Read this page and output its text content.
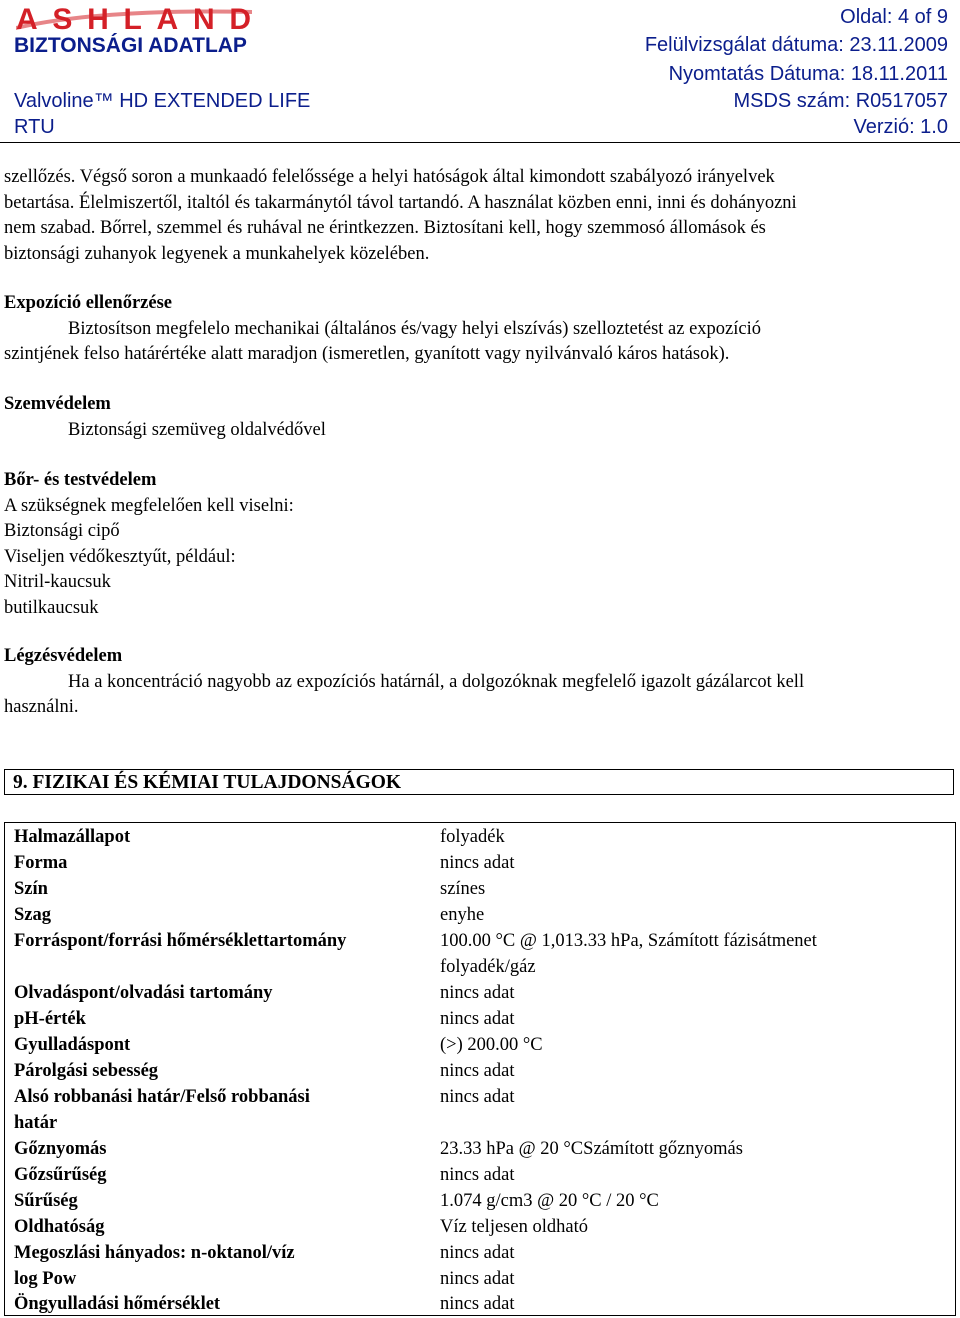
ASHLAND
BIZTONSÁGI ADATLAP
Valvoline™ HD EXTENDED LIFE
RTU
Oldal: 4 of 9
Felülvizsgálat dátuma: 23.11.2009
Nyomtatás Dátuma: 18.11.2011
MSDS szám: R0517057
Verzió: 1.0

szellőzés. Végső soron a munkaadó felelőssége a helyi hatóságok által kimondott szabályozó irányelvek

betartása. Élelmiszertől, italtól és takarmánytól távol tartandó. A használat közben enni, inni és dohányozni

nem szabad. Bőrrel, szemmel és ruhával ne érintkezzen. Biztosítani kell, hogy szemmosó állomások és

biztonsági zuhanyok legyenek a munkahelyek közelében.

Expozíció ellenőrzése

Biztosítson megfelelo mechanikai (általános és/vagy helyi elszívás) szelloztetést az expozíció

szintjének felso határértéke alatt maradjon (ismeretlen, gyanított vagy nyilvánvaló káros hatások).

Szemvédelem

Biztonsági szemüveg oldalvédővel

Bőr- és testvédelem

A szükségnek megfelelően kell viselni:

Biztonsági cipő

Viseljen védőkesztyűt, például:

Nitril-kaucsuk

butilkaucsuk

Légzésvédelem

Ha a koncentráció nagyobb az expozíciós határnál, a dolgozóknak megfelelő igazolt gázálarcot kell

használni.

9. FIZIKAI ÉS KÉMIAI TULAJDONSÁGOK
Halmazállapot	folyadék
Forma	nincs adat
Szín	színes
Szag	enyhe
Forráspont/forrási hőmérséklettartomány	100.00 °C @ 1,013.33 hPa, Számított fázisátmenet
folyadék/gáz
Olvadáspont/olvadási tartomány	nincs adat
pH-érték	nincs adat
Gyulladáspont	(>) 200.00 °C
Párolgási sebesség	nincs adat
Alsó robbanási határ/Felső robbanási	nincs adat
határ
Gőznyomás	23.33 hPa @ 20 °CSzámított gőznyomás
Gőzsűrűség	nincs adat
Sűrűség	1.074 g/cm3 @ 20 °C / 20 °C
Oldhatóság	Víz teljesen oldható
Megoszlási hányados: n-oktanol/víz	nincs adat
log Pow	nincs adat
Öngyulladási hőmérséklet	nincs adat
